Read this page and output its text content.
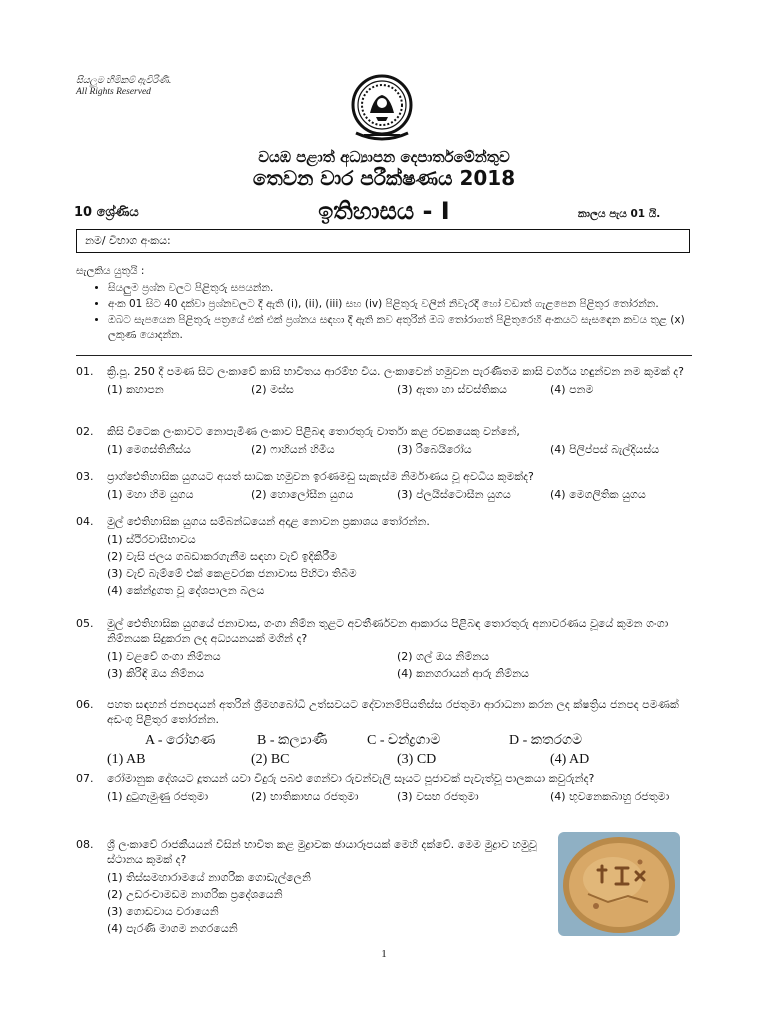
සියලුම හිමිකම් ඇවිරිණි.
All Rights Reserved
වයඹ පළාත් අධ්‍යාපන දෙපාර්තමේන්තුව
තෙවන වාර පරීක්ෂණය 2018
10 ශ්‍රේණිය	ඉතිහාසය - I	කාලය පැය 01 යි.
නම/ විභාග අංකය:
සැලකිය යුතුයි :
• සියලුම ප්‍රශ්න වලට පිළිතුරු සපයන්න.
• අංක 01 සිට 40 දක්වා ප්‍රශ්නවලට දී ඇති (i), (ii), (iii) සහ (iv) පිළිතුරු වලින් නිවැරදි හෝ වඩාත් ගැළපෙන පිළිතුර තෝරන්න.
• ඔබට සැපයෙන පිළිතුරු පත්‍රයේ එක් එක් ප්‍රශ්නය සඳහා දී ඇති කව අතුරින් ඔබ තෝරාගත් පිළිතුරෙහි අංකයට සැසඳෙන කවය තුළ (x) ලකුණ යොදන්න.
01. ක්‍රි.පූ. 250 දී පමණ සිට ලංකාවේ කාසි භාවිතය ආරම්භ විය. ලංකාවෙන් හමුවන පැරණිතම කාසි වර්ගය හඳුන්වන නම කුමක් ද?
(1) කහාපන	(2) මස්ස	(3) ඇතා හා ස්වස්තිකය	(4) පනම
02. කිසි විටෙක ලංකාවට නොපැමිණ ලංකාව පිළිබඳ තොරතුරු වාර්තා කළ රචකයෙකු වන්නේ,
(1) මෙගස්තිනීස්ය	(2) ෆාහියන් හිමිය	(3) රිබෙයිරෝය	(4) පිලිප්පස් බැල්දියස්ය
03. ප්‍රාග්ඓතිහාසික යුගයට අයත් සාධක හමුවන ඉරණමඩු සැකැස්ම නිර්මාණය වූ අවධිය කුමක්ද?
(1) මහා හිම යුගය	(2) හොලෝසීන යුගය	(3) ප්ලයිස්ටොසීන යුගය	(4) මෙගලිතික යුගය
04. මුල් ඓතිහාසික යුගය සම්බන්ධයෙන් අදාළ නොවන ප්‍රකාශය තෝරන්න.
(1) ස්ථිරවාසීභාවය
(2) වැසි ජලය ගබඩාකරගැනීම සඳහා වැව් ඉදිකිරීම
(3) වැව් බැම්මේ එක් කෙළවරක ජනාවාස පිහිටා තිබීම
(4) කේන්ද්‍රගත වූ දේශපාලන බලය
05. මුල් ඓතිහාසික යුගයේ ජනාවාස, ගංගා නිම්න තුළට අවතීර්ණවන ආකාරය පිළිබඳ තොරතුරු අනාවරණය වූයේ කුමන ගංගා නිම්නයක සිදුකරන ලද අධ්‍යයනයක් මගින් ද?
(1) වළවේ ගංගා නිම්නය	(2) ගල් ඔය නිම්නය
(3) කිරිඳි ඔය නිම්නය	(4) කනගරායන් ආරු නිම්නය
06. පහත සඳහන් ජනපදයන් අතරින් ශ්‍රීමහබෝධි උත්සවයට දේවානම්පියතිස්ස රජතුමා ආරාධනා කරන ලද ක්ෂත්‍රිය ජනපද පමණක් අඩංගු පිළිතුර තෝරන්න.
A - රෝහණ	B - කල්‍යාණී	C - චන්ද්‍රගාම	D - කතරගම
(1) AB	(2) BC	(3) CD	(4) AD
07. රෝමානුක දේශයට දූතයන් යවා විදුරු පබළු ගෙන්වා රුවන්වැලි සෑයට පූජාවක් පැවැත්වූ පාලකයා කවුරුන්ද?
(1) දුටුගැමුණු රජතුමා	(2) භාතිකාභය රජතුමා	(3) වසභ රජතුමා	(4) භුවනෙකබාහු රජතුමා
08. ශ්‍රී ලංකාවේ රාජකීයයන් විසින් භාවිත කළ මුද්‍රාවක ඡායාරූපයක් මෙහි දක්වේ. මෙම මුද්‍රාව හමුවූ ස්ථානය කුමක් ද?
(1) තිස්සමහාරාමයේ නාගරික ගොඩැල්ලෙනි
(2) උඩරංචාමඩම නාගරික ප්‍රදේශයෙනි
(3) ගොඩවාය වරායෙනි
(4) පැරණි මාගම නගරයෙනි
1
